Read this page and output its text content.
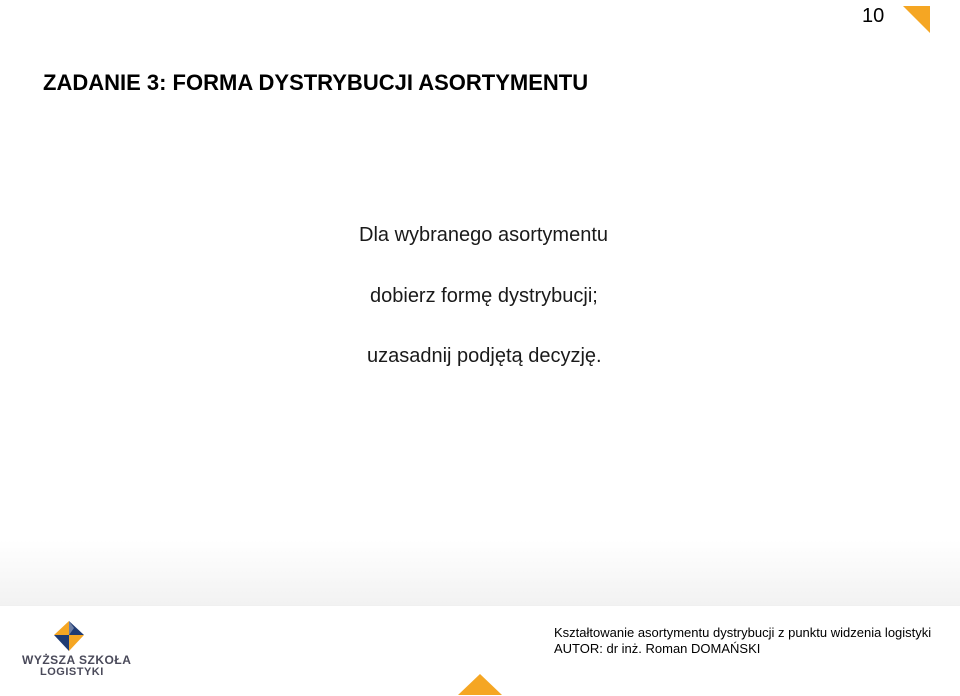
10
ZADANIE 3: FORMA DYSTRYBUCJI ASORTYMENTU
Dla wybranego asortymentu
dobierz formę dystrybucji;
uzasadnij podjętą decyzję.
WYŻSZA SZKOŁA
LOGISTYKI
Kształtowanie asortymentu dystrybucji z punktu widzenia logistyki
AUTOR: dr inż. Roman DOMAŃSKI
